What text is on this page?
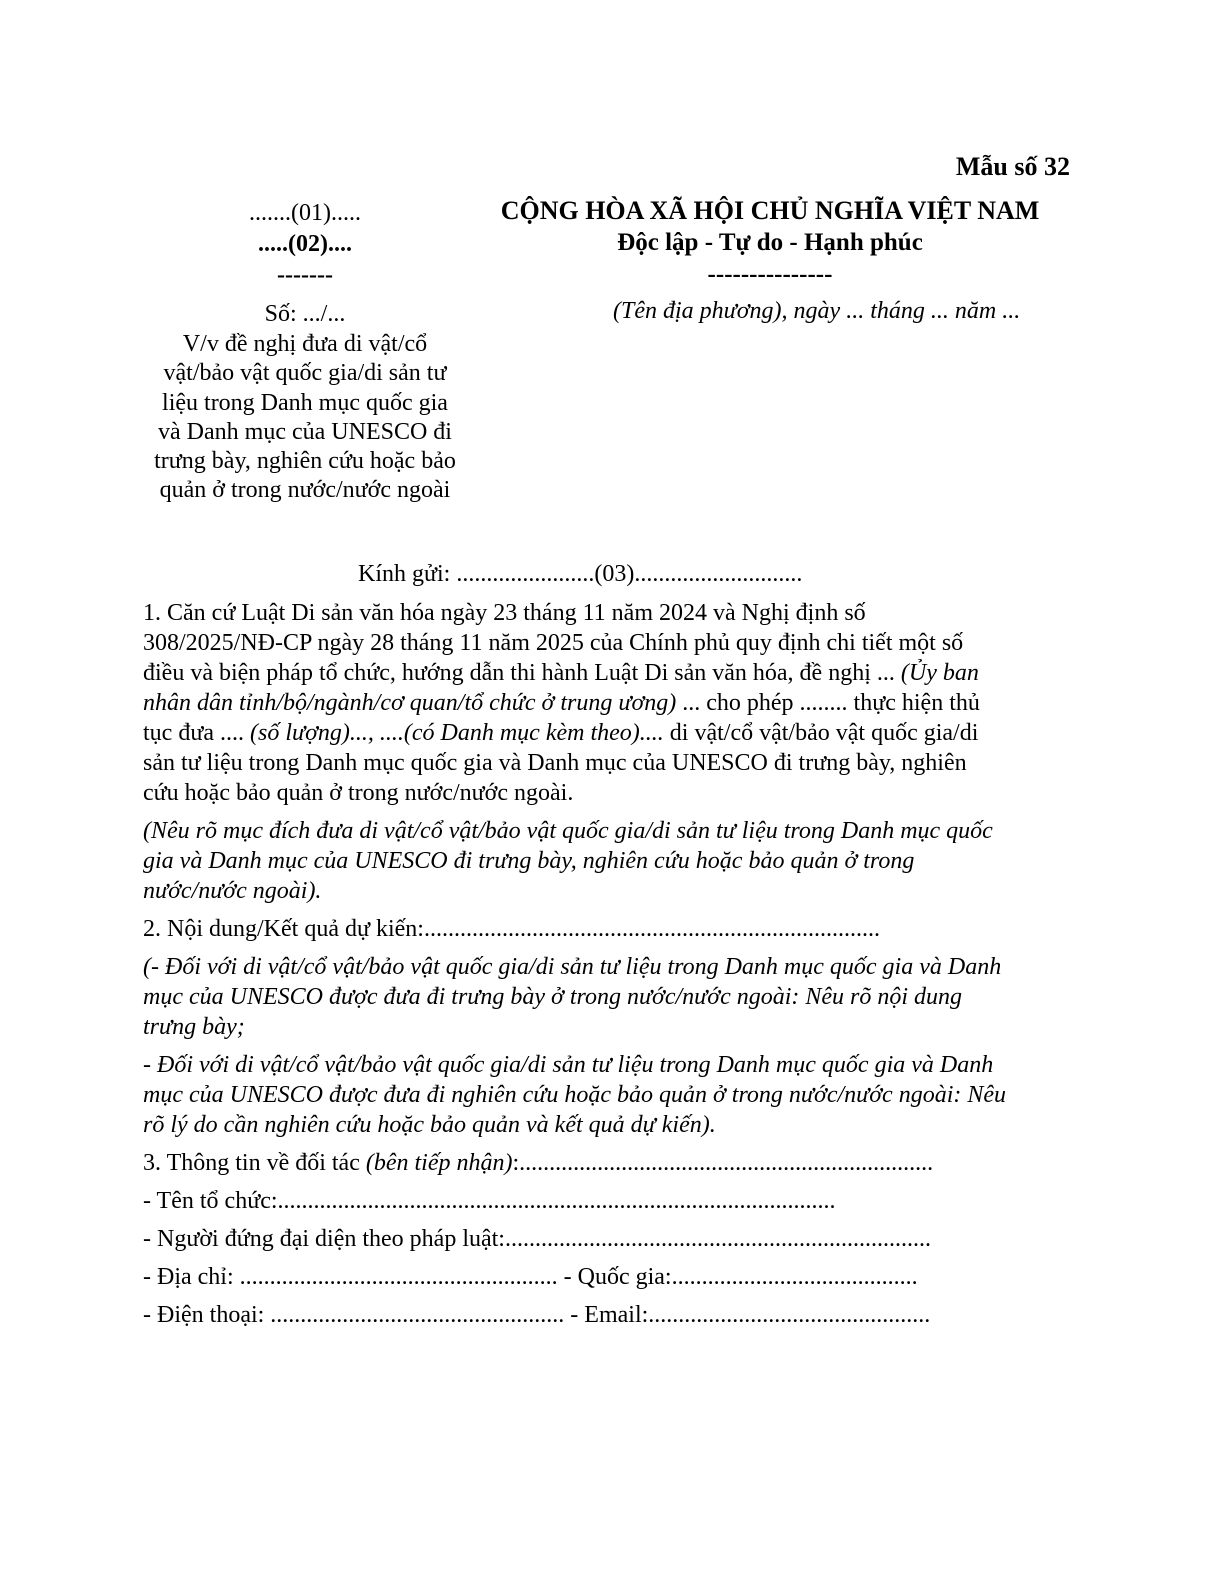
Mẫu số 32
.......(01).....
.....(02)....
-------
CỘNG HÒA XÃ HỘI CHỦ NGHĨA VIỆT NAM
Độc lập - Tự do - Hạnh phúc
---------------
Số: .../...
V/v đề nghị đưa di vật/cổ
vật/bảo vật quốc gia/di sản tư
liệu trong Danh mục quốc gia
và Danh mục của UNESCO đi
trưng bày, nghiên cứu hoặc bảo
quản ở trong nước/nước ngoài
(Tên địa phương), ngày ... tháng ... năm ...
Kính gửi: .......................(03)............................

1. Căn cứ Luật Di sản văn hóa ngày 23 tháng 11 năm 2024 và Nghị định số
308/2025/NĐ-CP ngày 28 tháng 11 năm 2025 của Chính phủ quy định chi tiết một số
điều và biện pháp tổ chức, hướng dẫn thi hành Luật Di sản văn hóa, đề nghị ... (Ủy ban
nhân dân tỉnh/bộ/ngành/cơ quan/tổ chức ở trung ương) ... cho phép ........ thực hiện thủ
tục đưa .... (số lượng)..., ....(có Danh mục kèm theo).... di vật/cổ vật/bảo vật quốc gia/di
sản tư liệu trong Danh mục quốc gia và Danh mục của UNESCO đi trưng bày, nghiên
cứu hoặc bảo quản ở trong nước/nước ngoài.

(Nêu rõ mục đích đưa di vật/cổ vật/bảo vật quốc gia/di sản tư liệu trong Danh mục quốc
gia và Danh mục của UNESCO đi trưng bày, nghiên cứu hoặc bảo quản ở trong
nước/nước ngoài).

2. Nội dung/Kết quả dự kiến:............................................................................

(- Đối với di vật/cổ vật/bảo vật quốc gia/di sản tư liệu trong Danh mục quốc gia và Danh
mục của UNESCO được đưa đi trưng bày ở trong nước/nước ngoài: Nêu rõ nội dung
trưng bày;

- Đối với di vật/cổ vật/bảo vật quốc gia/di sản tư liệu trong Danh mục quốc gia và Danh
mục của UNESCO được đưa đi nghiên cứu hoặc bảo quản ở trong nước/nước ngoài: Nêu
rõ lý do cần nghiên cứu hoặc bảo quản và kết quả dự kiến).

3. Thông tin về đối tác (bên tiếp nhận):.....................................................................

- Tên tổ chức:.............................................................................................

- Người đứng đại diện theo pháp luật:.......................................................................

- Địa chỉ: ..................................................... - Quốc gia:.........................................

- Điện thoại: ................................................. - Email:...............................................
